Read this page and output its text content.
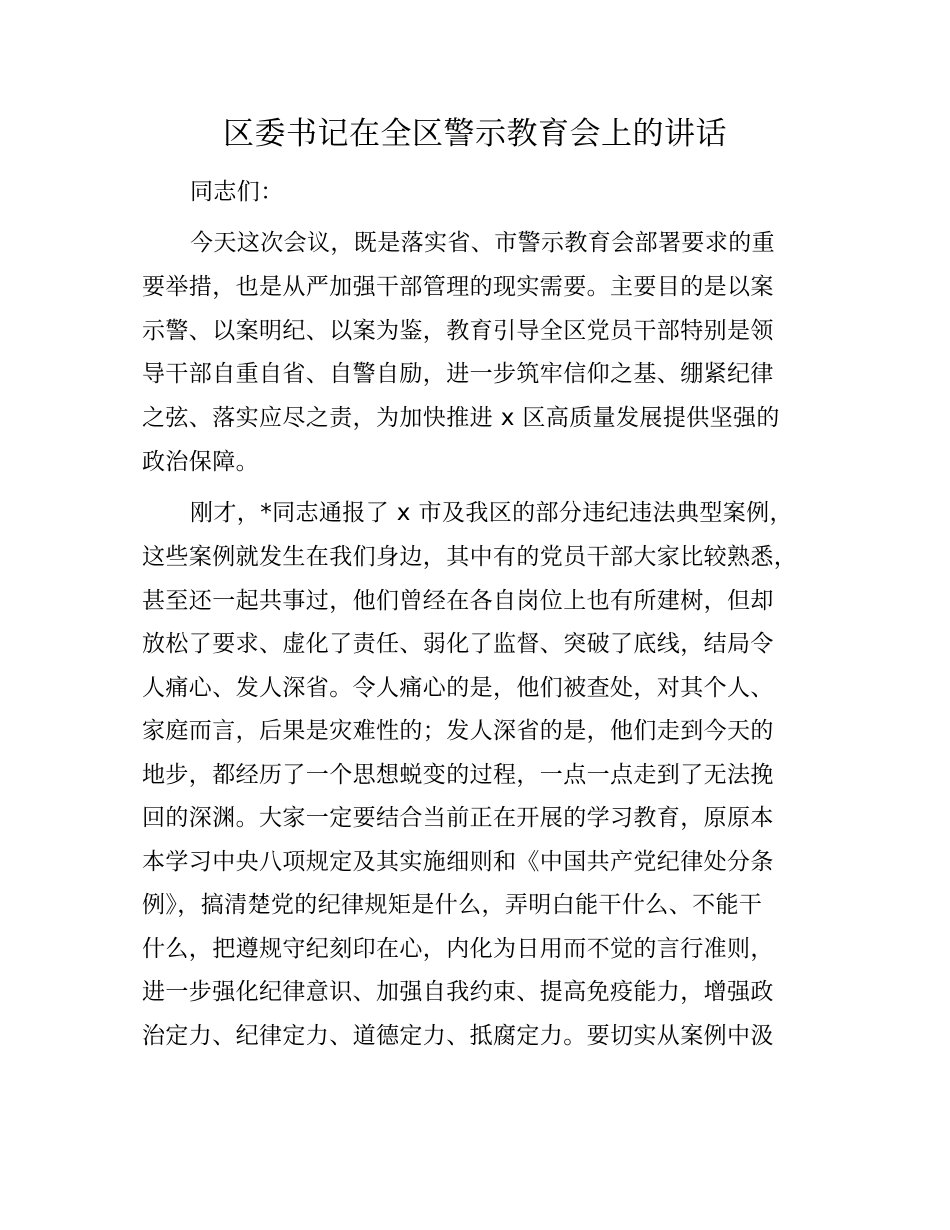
区委书记在全区警示教育会上的讲话
同志们：
今天这次会议，既是落实省、市警示教育会部署要求的重
要举措，也是从严加强干部管理的现实需要。主要目的是以案
示警、以案明纪、以案为鉴，教育引导全区党员干部特别是领
导干部自重自省、自警自励，进一步筑牢信仰之基、绷紧纪律
之弦、落实应尽之责，为加快推进 x 区高质量发展提供坚强的
政治保障。
刚才，*同志通报了 x 市及我区的部分违纪违法典型案例，
这些案例就发生在我们身边，其中有的党员干部大家比较熟悉，
甚至还一起共事过，他们曾经在各自岗位上也有所建树，但却
放松了要求、虚化了责任、弱化了监督、突破了底线，结局令
人痛心、发人深省。令人痛心的是，他们被查处，对其个人、
家庭而言，后果是灾难性的；发人深省的是，他们走到今天的
地步，都经历了一个思想蜕变的过程，一点一点走到了无法挽
回的深渊。大家一定要结合当前正在开展的学习教育，原原本
本学习中央八项规定及其实施细则和《中国共产党纪律处分条
例》，搞清楚党的纪律规矩是什么，弄明白能干什么、不能干
什么，把遵规守纪刻印在心，内化为日用而不觉的言行准则，
进一步强化纪律意识、加强自我约束、提高免疫能力，增强政
治定力、纪律定力、道德定力、抵腐定力。要切实从案例中汲
